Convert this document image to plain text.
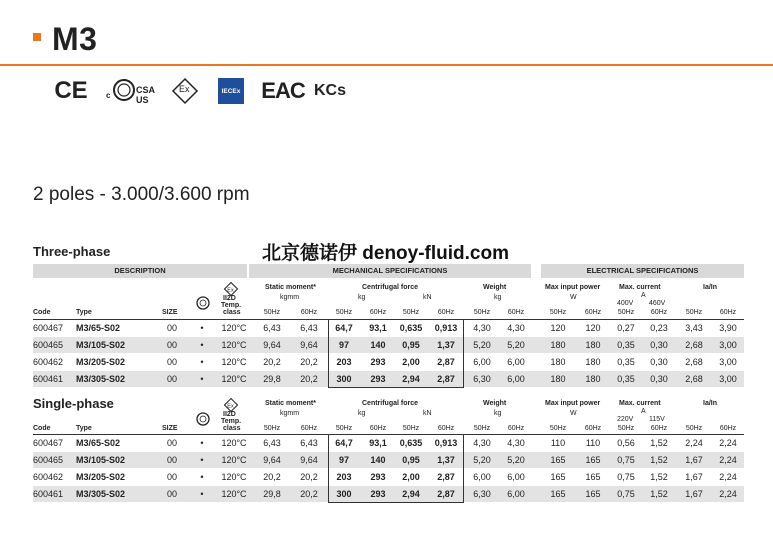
M3
CE c
CSA US
Ex	IECEx EAC KCs
2 poles - 3.000/3.600 rpm
北京德诺伊 denoy-fluid.com
Three-phase
DESCRIPTION	MECHANICAL SPECIFICATIONS	ELECTRICAL SPECIFICATIONS
Ex
II2D
Temp.
class
Code	Type	SIZE
Static moment*
kgmm
Centrifugal force
kg	kN
Weight
kg
Max input power
W
Max. current
A
400V 460V
Ia/In
50Hz	60Hz	50Hz	60Hz	50Hz	60Hz	50Hz	60Hz	50Hz	60Hz	50Hz	60Hz	50Hz	60Hz
600467	M3/65-S02	00	•	120°C	6,43	6,43	64,7	93,1	0,635	0,913	4,30	4,30	120	120	0,27	0,23	3,43	3,90
600465	M3/105-S02	00	•	120°C	9,64	9,64	97	140	0,95	1,37	5,20	5,20	180	180	0,35	0,30	2,68	3,00
600462	M3/205-S02	00	•	120°C	20,2	20,2	203	293	2,00	2,87	6,00	6,00	180	180	0,35	0,30	2,68	3,00
600461	M3/305-S02	00	•	120°C	29,8	20,2	300	293	2,94	2,87	6,30	6,00	180	180	0,35	0,30	2,68	3,00
Single-phase	Ex
II2D
Temp.
class
Code	Type	SIZE
Static moment*
kgmm
Centrifugal force
kg	kN
Weight
kg
Max input power
W
Max. current
A
220V 115V
Ia/In
50Hz	60Hz	50Hz	60Hz	50Hz	60Hz	50Hz	60Hz	50Hz	60Hz	50Hz	60Hz	50Hz	60Hz
600467	M3/65-S02	00	•	120°C	6,43	6,43	64,7	93,1	0,635	0,913	4,30	4,30	110	110	0,56	1,52	2,24	2,24
600465	M3/105-S02	00	•	120°C	9,64	9,64	97	140	0,95	1,37	5,20	5,20	165	165	0,75	1,52	1,67	2,24
600462	M3/205-S02	00	•	120°C	20,2	20,2	203	293	2,00	2,87	6,00	6,00	165	165	0,75	1,52	1,67	2,24
600461	M3/305-S02	00	•	120°C	29,8	20,2	300	293	2,94	2,87	6,30	6,00	165	165	0,75	1,52	1,67	2,24
